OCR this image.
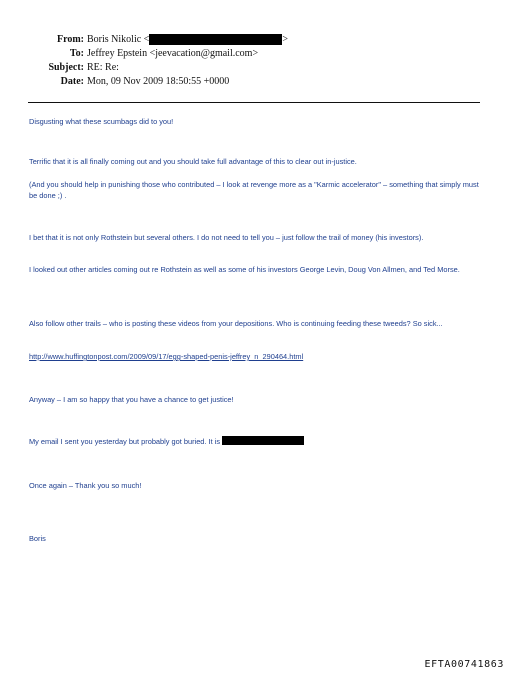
From: Boris Nikolic <	>
To: Jeffrey Epstein <jeevacation@gmail.com>
Subject: RE: Re:
Date: Mon, 09 Nov 2009 18:50:55 +0000

Disgusting what these scumbags did to you!

Terrific that it is all finally coming out and you should take full advantage of this to clear out in-justice.

(And you should help in punishing those who contributed – I look at revenge more as a "Karmic accelerator" – something that simply must be done ;) .

I bet that it is not only Rothstein but several others. I do not need to tell you – just follow the trail of money (his investors).

I looked out other articles coming out re Rothstein as well as some of his investors George Levin, Doug Von Allmen, and Ted Morse.

Also follow other trails – who is posting these videos from your depositions. Who is continuing feeding these tweeds? So sick...

http://www.huffingtonpost.com/2009/09/17/egg-shaped-penis-jeffrey_n_290464.html

Anyway – I am so happy that you have a chance to get justice!

My email I sent you yesterday but probably got buried. It is

Once again – Thank you so much!

Boris

EFTA00741863
